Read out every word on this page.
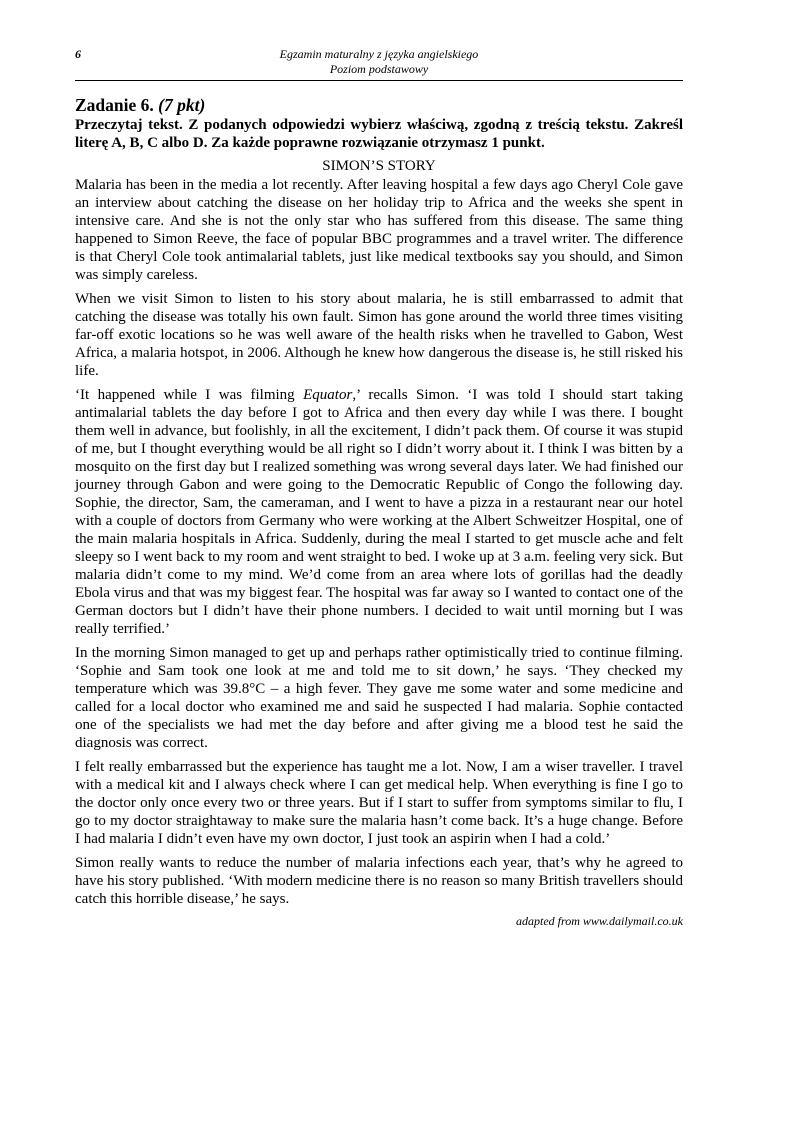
6	Egzamin maturalny z języka angielskiego
Poziom podstawowy
Zadanie 6. (7 pkt)

Przeczytaj tekst. Z podanych odpowiedzi wybierz właściwą, zgodną z treścią tekstu. Zakreśl literę A, B, C albo D. Za każde poprawne rozwiązanie otrzymasz 1 punkt.

SIMON’S STORY

Malaria has been in the media a lot recently. After leaving hospital a few days ago Cheryl Cole gave an interview about catching the disease on her holiday trip to Africa and the weeks she spent in intensive care. And she is not the only star who has suffered from this disease. The same thing happened to Simon Reeve, the face of popular BBC programmes and a travel writer. The difference is that Cheryl Cole took antimalarial tablets, just like medical textbooks say you should, and Simon was simply careless.

When we visit Simon to listen to his story about malaria, he is still embarrassed to admit that catching the disease was totally his own fault. Simon has gone around the world three times visiting far-off exotic locations so he was well aware of the health risks when he travelled to Gabon, West Africa, a malaria hotspot, in 2006. Although he knew how dangerous the disease is, he still risked his life.

‘It happened while I was filming Equator,’ recalls Simon. ‘I was told I should start taking antimalarial tablets the day before I got to Africa and then every day while I was there. I bought them well in advance, but foolishly, in all the excitement, I didn’t pack them. Of course it was stupid of me, but I thought everything would be all right so I didn’t worry about it. I think I was bitten by a mosquito on the first day but I realized something was wrong several days later. We had finished our journey through Gabon and were going to the Democratic Republic of Congo the following day. Sophie, the director, Sam, the cameraman, and I went to have a pizza in a restaurant near our hotel with a couple of doctors from Germany who were working at the Albert Schweitzer Hospital, one of the main malaria hospitals in Africa. Suddenly, during the meal I started to get muscle ache and felt sleepy so I went back to my room and went straight to bed. I woke up at 3 a.m. feeling very sick. But malaria didn’t come to my mind. We’d come from an area where lots of gorillas had the deadly Ebola virus and that was my biggest fear. The hospital was far away so I wanted to contact one of the German doctors but I didn’t have their phone numbers. I decided to wait until morning but I was really terrified.’

In the morning Simon managed to get up and perhaps rather optimistically tried to continue filming. ‘Sophie and Sam took one look at me and told me to sit down,’ he says. ‘They checked my temperature which was 39.8°C – a high fever. They gave me some water and some medicine and called for a local doctor who examined me and said he suspected I had malaria. Sophie contacted one of the specialists we had met the day before and after giving me a blood test he said the diagnosis was correct.

I felt really embarrassed but the experience has taught me a lot. Now, I am a wiser traveller. I travel with a medical kit and I always check where I can get medical help. When everything is fine I go to the doctor only once every two or three years. But if I start to suffer from symptoms similar to flu, I go to my doctor straightaway to make sure the malaria hasn’t come back. It’s a huge change. Before I had malaria I didn’t even have my own doctor, I just took an aspirin when I had a cold.’

Simon really wants to reduce the number of malaria infections each year, that’s why he agreed to have his story published. ‘With modern medicine there is no reason so many British travellers should catch this horrible disease,’ he says.

adapted from www.dailymail.co.uk
